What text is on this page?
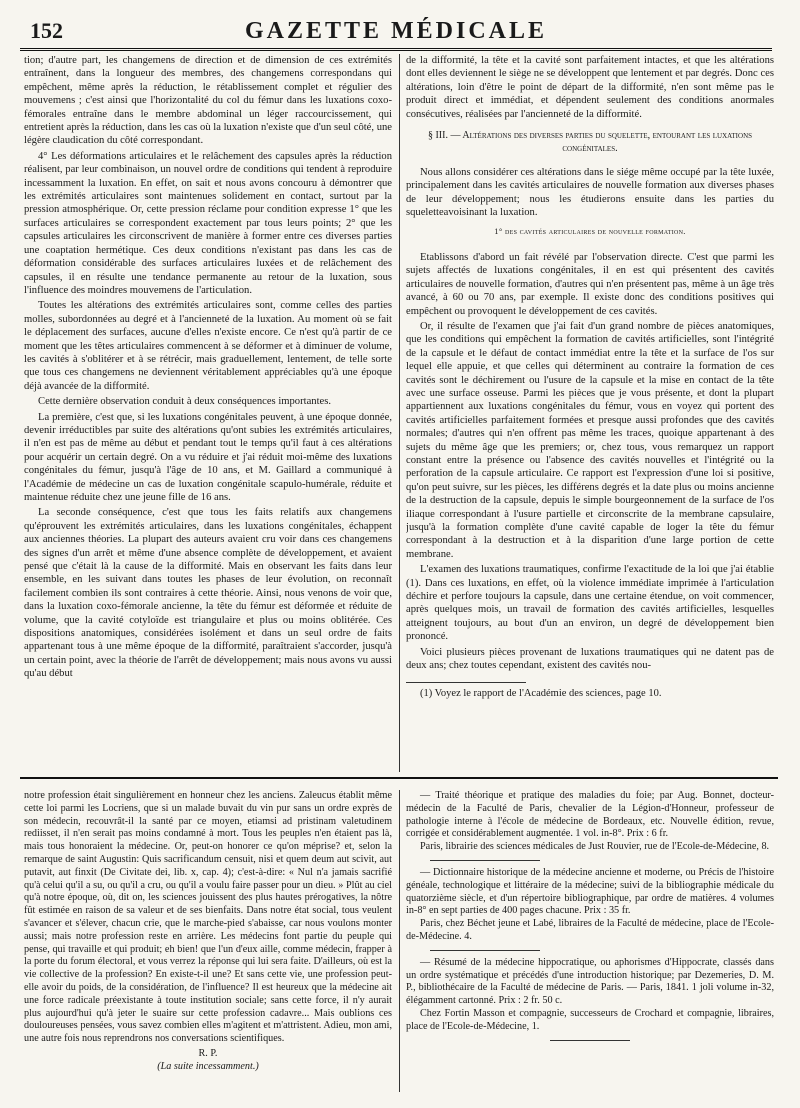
152	GAZETTE MÉDICALE

tion; d'autre part, les changemens de direction et de dimension de ces extrémités entraînent, dans la longueur des membres, des changemens correspondans qui empêchent, même après la réduction, le rétablissement complet et régulier des mouvemens ; c'est ainsi que l'horizontalité du col du fémur dans les luxations coxo-fémorales entraîne dans le membre abdominal un léger raccourcissement, qui entretient après la réduction, dans les cas où la luxation n'existe que d'un seul côté, une légère claudication du côté correspondant.

4° Les déformations articulaires et le relâchement des capsules après la réduction réalisent, par leur combinaison, un nouvel ordre de conditions qui tendent à reproduire incessamment la luxation. En effet, on sait et nous avons concouru à démontrer que les extrémités articulaires sont maintenues solidement en contact, surtout par la pression atmosphérique. Or, cette pression réclame pour condition expresse 1° que les surfaces articulaires se correspondent exactement par tous leurs points; 2° que les capsules articulaires les circonscrivent de manière à former entre ces diverses parties une coaptation hermétique. Ces deux conditions n'existant pas dans les cas de déformation considérable des surfaces articulaires luxées et de relâchement des capsules, il en résulte une tendance permanente au retour de la luxation, sous l'influence des moindres mouvemens de l'articulation.

Toutes les altérations des extrémités articulaires sont, comme celles des parties molles, subordonnées au degré et à l'ancienneté de la luxation. Au moment où se fait le déplacement des surfaces, aucune d'elles n'existe encore. Ce n'est qu'à partir de ce moment que les têtes articulaires commencent à se déformer et à diminuer de volume, les cavités à s'oblitérer et à se rétrécir, mais graduellement, lentement, de telle sorte que tous ces changemens ne deviennent véritablement appréciables qu'à une époque déjà avancée de la difformité.

Cette dernière observation conduit à deux conséquences importantes.

La première, c'est que, si les luxations congénitales peuvent, à une époque donnée, devenir irréductibles par suite des altérations qu'ont subies les extrémités articulaires, il n'en est pas de même au début et pendant tout le temps qu'il faut à ces altérations pour acquérir un certain degré. On a vu réduire et j'ai réduit moi-même des luxations congénitales du fémur, jusqu'à l'âge de 10 ans, et M. Gaillard a communiqué à l'Académie de médecine un cas de luxation congénitale scapulo-humérale, réduite et maintenue réduite chez une jeune fille de 16 ans.

La seconde conséquence, c'est que tous les faits relatifs aux changemens qu'éprouvent les extrémités articulaires, dans les luxations congénitales, échappent aux anciennes théories. La plupart des auteurs avaient cru voir dans ces changemens des signes d'un arrêt et même d'une absence complète de développement, et avaient pensé que c'était là la cause de la difformité. Mais en observant les faits dans leur ensemble, en les suivant dans toutes les phases de leur évolution, on reconnaît facilement combien ils sont contraires à cette théorie. Ainsi, nous venons de voir que, dans la luxation coxo-fémorale ancienne, la tête du fémur est déformée et réduite de volume, que la cavité cotyloïde est triangulaire et plus ou moins oblitérée. Ces dispositions anatomiques, considérées isolément et dans un seul ordre de faits appartenant tous à une même époque de la difformité, paraîtraient s'accorder, jusqu'à un certain point, avec la théorie de l'arrêt de développement; mais nous avons vu aussi qu'au début

de la difformité, la tête et la cavité sont parfaitement intactes, et que les altérations dont elles deviennent le siège ne se développent que lentement et par degrés. Donc ces altérations, loin d'être le point de départ de la difformité, n'en sont même pas le produit direct et immédiat, et dépendent seulement des conditions anormales consécutives, réalisées par l'ancienneté de la difformité.

§ III. — Altérations des diverses parties du squelette, entourant les luxations congénitales.

Nous allons considérer ces altérations dans le siége même occupé par la tête luxée, principalement dans les cavités articulaires de nouvelle formation aux diverses phases de leur développement; nous les étudierons ensuite dans les parties du squeletteavoisinant la luxation.

1° des cavités articulaires de nouvelle formation.

Etablissons d'abord un fait révélé par l'observation directe. C'est que parmi les sujets affectés de luxations congénitales, il en est qui présentent des cavités articulaires de nouvelle formation, d'autres qui n'en présentent pas, même à un âge très avancé, à 60 ou 70 ans, par exemple. Il existe donc des conditions positives qui empêchent ou provoquent le développement de ces cavités.

Or, il résulte de l'examen que j'ai fait d'un grand nombre de pièces anatomiques, que les conditions qui empêchent la formation de cavités artificielles, sont l'intégrité de la capsule et le défaut de contact immédiat entre la tête et la surface de l'os sur lequel elle appuie, et que celles qui déterminent au contraire la formation de ces cavités sont le déchirement ou l'usure de la capsule et la mise en contact de la tête avec une surface osseuse. Parmi les pièces que je vous présente, et dont la plupart appartiennent aux luxations congénitales du fémur, vous en voyez qui portent des cavités artificielles parfaitement formées et presque aussi profondes que des cavités normales; d'autres qui n'en offrent pas même les traces, quoique appartenant à des sujets du même âge que les premiers; or, chez tous, vous remarquez un rapport constant entre la présence ou l'absence des cavités nouvelles et l'intégrité ou la perforation de la capsule articulaire. Ce rapport est l'expression d'une loi si positive, qu'on peut suivre, sur les pièces, les différens degrés et la date plus ou moins ancienne de la destruction de la capsule, depuis le simple bourgeonnement de la surface de l'os iliaque correspondant à l'usure partielle et circonscrite de la membrane capsulaire, jusqu'à la formation complète d'une cavité capable de loger la tête du fémur correspondant à la destruction et à la disparition d'une large portion de cette membrane.

L'examen des luxations traumatiques, confirme l'exactitude de la loi que j'ai établie (1). Dans ces luxations, en effet, où la violence immédiate imprimée à l'articulation déchire et perfore toujours la capsule, dans une certaine étendue, on voit commencer, après quelques mois, un travail de formation des cavités artificielles, lesquelles atteignent toujours, au bout d'un an environ, un degré de développement bien prononcé.

Voici plusieurs pièces provenant de luxations traumatiques qui ne datent pas de deux ans; chez toutes cependant, existent des cavités nou-

(1) Voyez le rapport de l'Académie des sciences, page 10.

notre profession était singulièrement en honneur chez les anciens. Zaleucus établit même cette loi parmi les Locriens, que si un malade buvait du vin pur sans un ordre exprès de son médecin, recouvrât-il la santé par ce moyen, etiamsi ad pristinam valetudinem rediisset, il n'en serait pas moins condamné à mort. Tous les peuples n'en étaient pas là, mais tous honoraient la médecine. Or, peut-on honorer ce qu'on méprise? et, selon la remarque de saint Augustin: Quis sacrificandum censuit, nisi et quem deum aut scivit, aut putavit, aut finxit (De Civitate dei, lib. x, cap. 4); c'est-à-dire: « Nul n'a jamais sacrifié qu'à celui qu'il a su, ou qu'il a cru, ou qu'il a voulu faire passer pour un dieu. » Plût au ciel qu'à notre époque, où, dit on, les sciences jouissent des plus hautes prérogatives, la nôtre fût estimée en raison de sa valeur et de ses bienfaits. Dans notre état social, tous veulent s'avancer et s'élever, chacun crie, que le marche-pied s'abaisse, car nous voulons monter aussi; mais notre profession reste en arrière. Les médecins font partie du peuple qui pense, qui travaille et qui produit; eh bien! que l'un d'eux aille, comme médecin, frapper à la porte du forum électoral, et vous verrez la réponse qui lui sera faite. D'ailleurs, où est la vie collective de la profession? En existe-t-il une? Et sans cette vie, une profession peut-elle avoir du poids, de la considération, de l'influence? Il est heureux que la médecine ait une force radicale préexistante à toute institution sociale; sans cette force, il n'y aurait plus aujourd'hui qu'à jeter le suaire sur cette profession cadavre... Mais oublions ces douloureuses pensées, vous savez combien elles m'agitent et m'attristent. Adieu, mon ami, une autre fois nous reprendrons nos conversations scientifiques.

R. P.
(La suite incessamment.)

— Traité théorique et pratique des maladies du foie; par Aug. Bonnet, docteur-médecin de la Faculté de Paris, chevalier de la Légion-d'Honneur, professeur de pathologie interne à l'école de médecine de Bordeaux, etc. Nouvelle édition, revue, corrigée et considérablement augmentée. 1 vol. in-8°. Prix : 6 fr.

Paris, librairie des sciences médicales de Just Rouvier, rue de l'Ecole-de-Médecine, 8.

— Dictionnaire historique de la médecine ancienne et moderne, ou Précis de l'histoire généale, technologique et littéraire de la médecine; suivi de la bibliographie médicale du quatorzième siècle, et d'un répertoire bibliographique, par ordre de matières. 4 volumes in-8° en sept parties de 400 pages chacune. Prix : 35 fr.

Paris, chez Béchet jeune et Labé, libraires de la Faculté de médecine, place de l'Ecole-de-Médecine. 4.

— Résumé de la médecine hippocratique, ou aphorismes d'Hippocrate, classés dans un ordre systématique et précédés d'une introduction historique; par Dezemeries, D. M. P., bibliothécaire de la Faculté de médecine de Paris. — Paris, 1841. 1 joli volume in-32, élégamment cartonné. Prix : 2 fr. 50 c.

Chez Fortin Masson et compagnie, successeurs de Crochard et compagnie, libraires, place de l'Ecole-de-Médecine, 1.
